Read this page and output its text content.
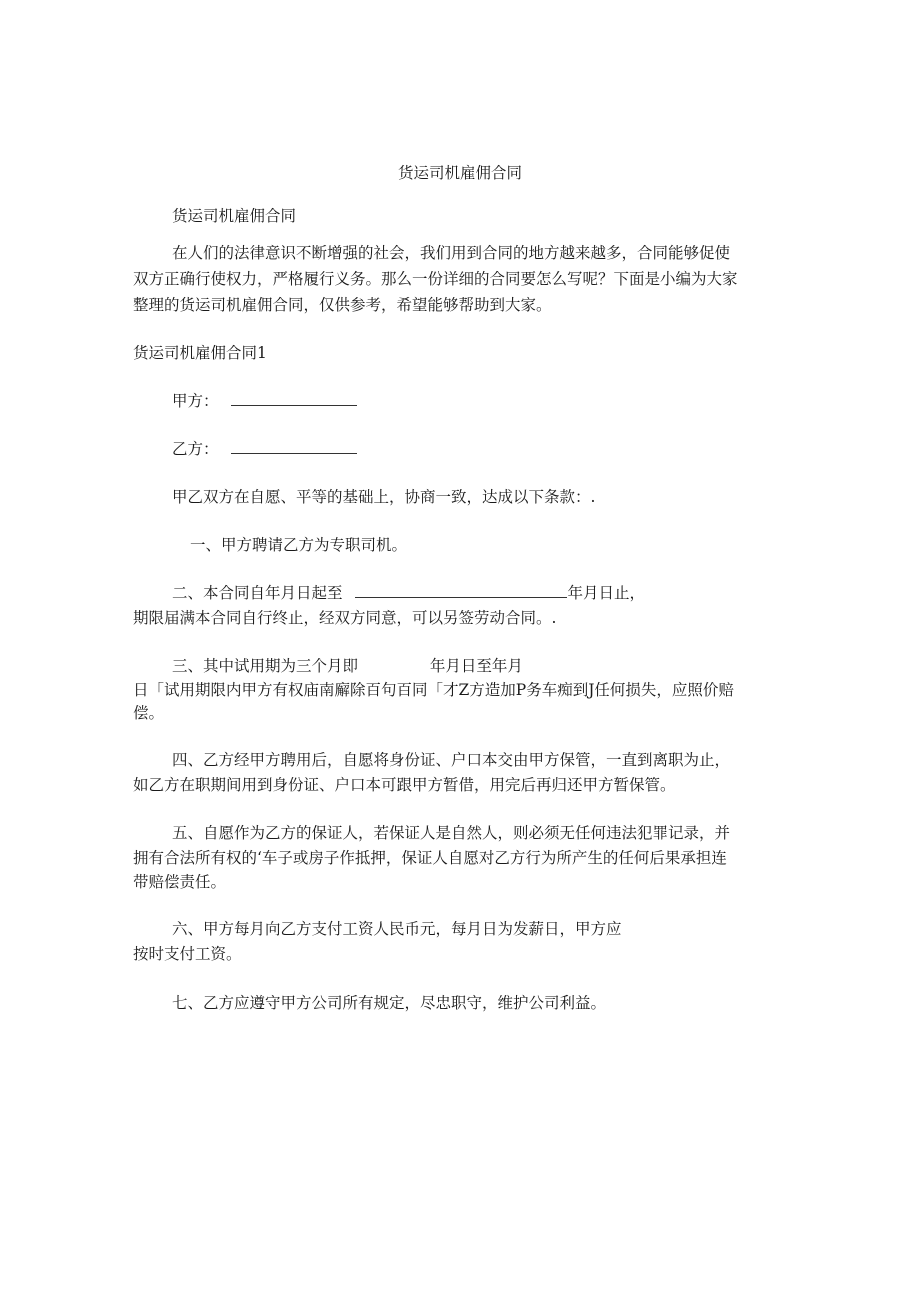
货运司机雇佣合同
货运司机雇佣合同
在人们的法律意识不断增强的社会，我们用到合同的地方越来越多，合同能够促使
双方正确行使权力，严格履行义务。那么一份详细的合同要怎么写呢？下面是小编为大家
整理的货运司机雇佣合同，仅供参考，希望能够帮助到大家。
货运司机雇佣合同1
甲方：
乙方：
甲乙双方在自愿、平等的基础上，协商一致，达成以下条款：.
一、甲方聘请乙方为专职司机。
二、本合同自年月日起至	年月日止，
期限届满本合同自行终止，经双方同意，可以另签劳动合同。.
三、其中试用期为三个月即	年月日至年月
日「试用期限内甲方有权庙南廨除百句百同「才Z方造加P务车痴到J任何损失，应照价赔
偿。
四、乙方经甲方聘用后，自愿将身份证、户口本交由甲方保管，一直到离职为止，
如乙方在职期间用到身份证、户口本可跟甲方暂借，用完后再归还甲方暂保管。
五、自愿作为乙方的保证人，若保证人是自然人，则必须无任何违法犯罪记录，并
拥有合法所有权的‘车子或房子作抵押，保证人自愿对乙方行为所产生的任何后果承担连
带赔偿责任。
六、甲方每月向乙方支付工资人民币元，每月日为发薪日，甲方应
按时支付工资。
七、乙方应遵守甲方公司所有规定，尽忠职守，维护公司利益。
